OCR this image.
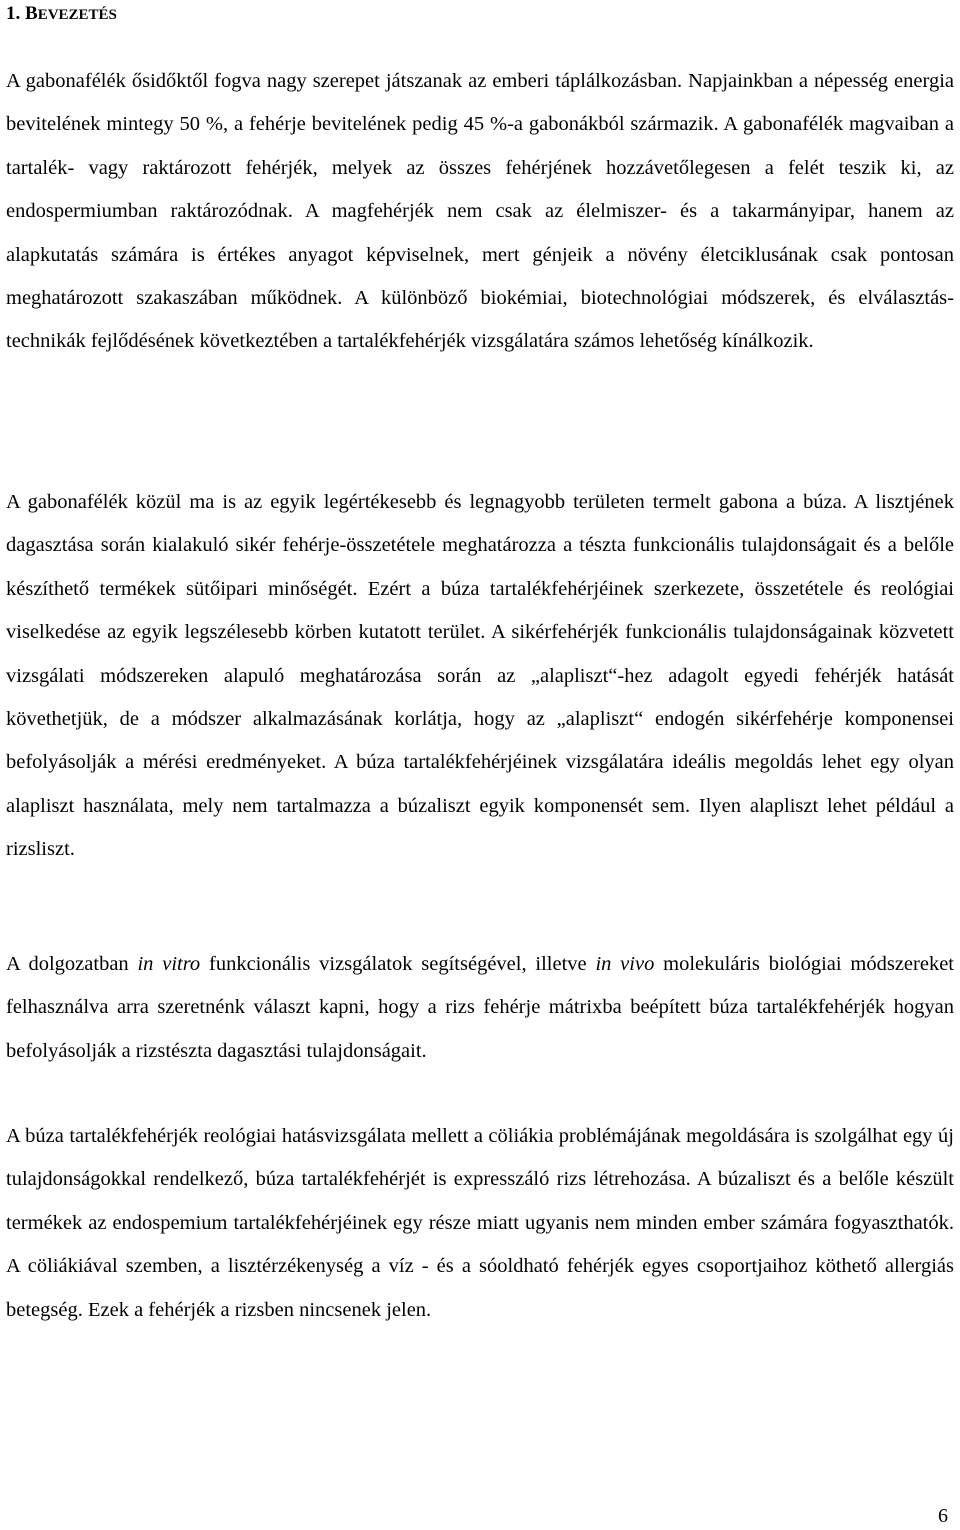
1. BEVEZETÉS

A gabonafélék ősidőktől fogva nagy szerepet játszanak az emberi táplálkozásban. Napjainkban a népesség energia bevitelének mintegy 50 %, a fehérje bevitelének pedig 45 %-a gabonákból származik. A gabonafélék magvaiban a tartalék- vagy raktározott fehérjék, melyek az összes fehérjének hozzávetőlegesen a felét teszik ki, az endospermiumban raktározódnak. A magfehérjék nem csak az élelmiszer- és a takarmányipar, hanem az alapkutatás számára is értékes anyagot képviselnek, mert génjeik a növény életciklusának csak pontosan meghatározott szakaszában működnek. A különböző biokémiai, biotechnológiai módszerek, és elválasztás-technikák fejlődésének következtében a tartalékfehérjék vizsgálatára számos lehetőség kínálkozik.

A gabonafélék közül ma is az egyik legértékesebb és legnagyobb területen termelt gabona a búza. A lisztjének dagasztása során kialakuló sikér fehérje-összetétele meghatározza a tészta funkcionális tulajdonságait és a belőle készíthető termékek sütőipari minőségét. Ezért a búza tartalékfehérjéinek szerkezete, összetétele és reológiai viselkedése az egyik legszélesebb körben kutatott terület. A sikérfehérjék funkcionális tulajdonságainak közvetett vizsgálati módszereken alapuló meghatározása során az „alapliszt“-hez adagolt egyedi fehérjék hatását követhetjük, de a módszer alkalmazásának korlátja, hogy az „alapliszt“ endogén sikérfehérje komponensei befolyásolják a mérési eredményeket. A búza tartalékfehérjéinek vizsgálatára ideális megoldás lehet egy olyan alapliszt használata, mely nem tartalmazza a búzaliszt egyik komponensét sem. Ilyen alapliszt lehet például a rizsliszt.

A dolgozatban in vitro funkcionális vizsgálatok segítségével, illetve in vivo molekuláris biológiai módszereket felhasználva arra szeretnénk választ kapni, hogy a rizs fehérje mátrixba beépített búza tartalékfehérjék hogyan befolyásolják a rizstészta dagasztási tulajdonságait.

A búza tartalékfehérjék reológiai hatásvizsgálata mellett a cöliákia problémájának megoldására is szolgálhat egy új tulajdonságokkal rendelkező, búza tartalékfehérjét is expresszáló rizs létrehozása. A búzaliszt és a belőle készült termékek az endospemium tartalékfehérjéinek egy része miatt ugyanis nem minden ember számára fogyaszthatók. A cöliákiával szemben, a lisztérzékenység a víz - és a sóoldható fehérjék egyes csoportjaihoz köthető allergiás betegség. Ezek a fehérjék a rizsben nincsenek jelen.

6
